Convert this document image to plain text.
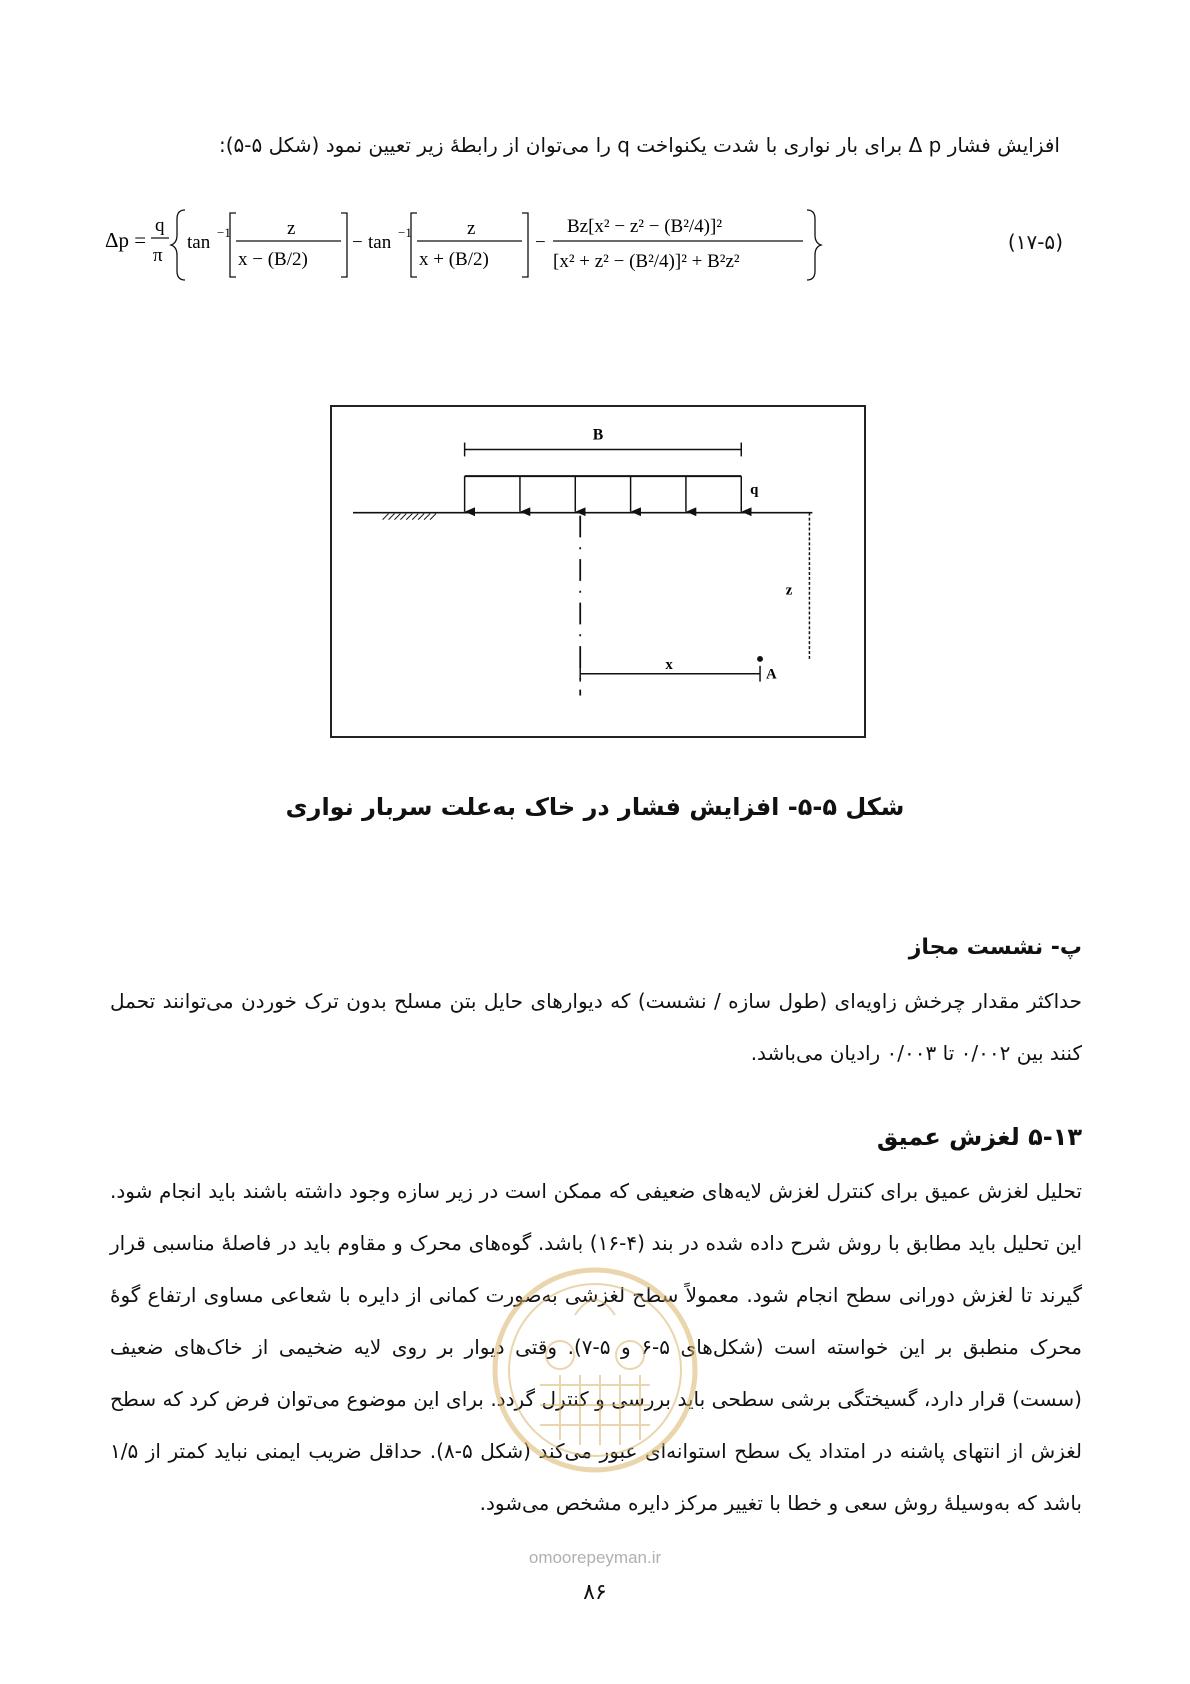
افزایش فشار Δ p برای بار نواری با شدت یکنواخت q را می‌توان از رابطهٔ زیر تعیین نمود (شکل ۵-۵):
Δp =
q
π
tan −1	z
x − (B/2)
− tan −1	z
x + (B/2)
−
Bz[x² − z² − (B²/4)]²
[x² + z² − (B²/4)]² + B²z²
(۱۷-۵)
B
q
z
x
A
شکل ۵-۵- افزایش فشار در خاک به‌علت سربار نواری
پ- نشست مجاز
حداکثر مقدار چرخش زاویه‌ای (طول سازه / نشست) که دیوارهای حایل بتن مسلح بدون ترک خوردن می‌توانند تحمل کنند بین ۰/۰۰۲ تا ۰/۰۰۳ رادیان می‌باشد.
۵-۱۳ لغزش عمیق
تحلیل لغزش عمیق برای کنترل لغزش لایه‌های ضعیفی که ممکن است در زیر سازه وجود داشته باشند باید انجام شود. این تحلیل باید مطابق با روش شرح داده شده در بند (۴-۱۶) باشد. گوه‌های محرک و مقاوم باید در فاصلهٔ مناسبی قرار گیرند تا لغزش دورانی سطح انجام شود. معمولاً سطح لغزشی به‌صورت کمانی از دایره با شعاعی مساوی ارتفاع گوهٔ محرک منطبق بر این خواسته است (شکل‌های ۵-۶ و ۵-۷). وقتی دیوار بر روی لایه ضخیمی از خاک‌های ضعیف (سست) قرار دارد، گسیختگی برشی سطحی باید بررسی و کنترل گردد. برای این موضوع می‌توان فرض کرد که سطح لغزش از انتهای پاشنه در امتداد یک سطح استوانه‌ای عبور می‌کند (شکل ۵-۸). حداقل ضریب ایمنی نباید کمتر از ۱/۵ باشد که به‌وسیلهٔ روش سعی و خطا با تغییر مرکز دایره مشخص می‌شود.
omoorepeyman.ir
۸۶
